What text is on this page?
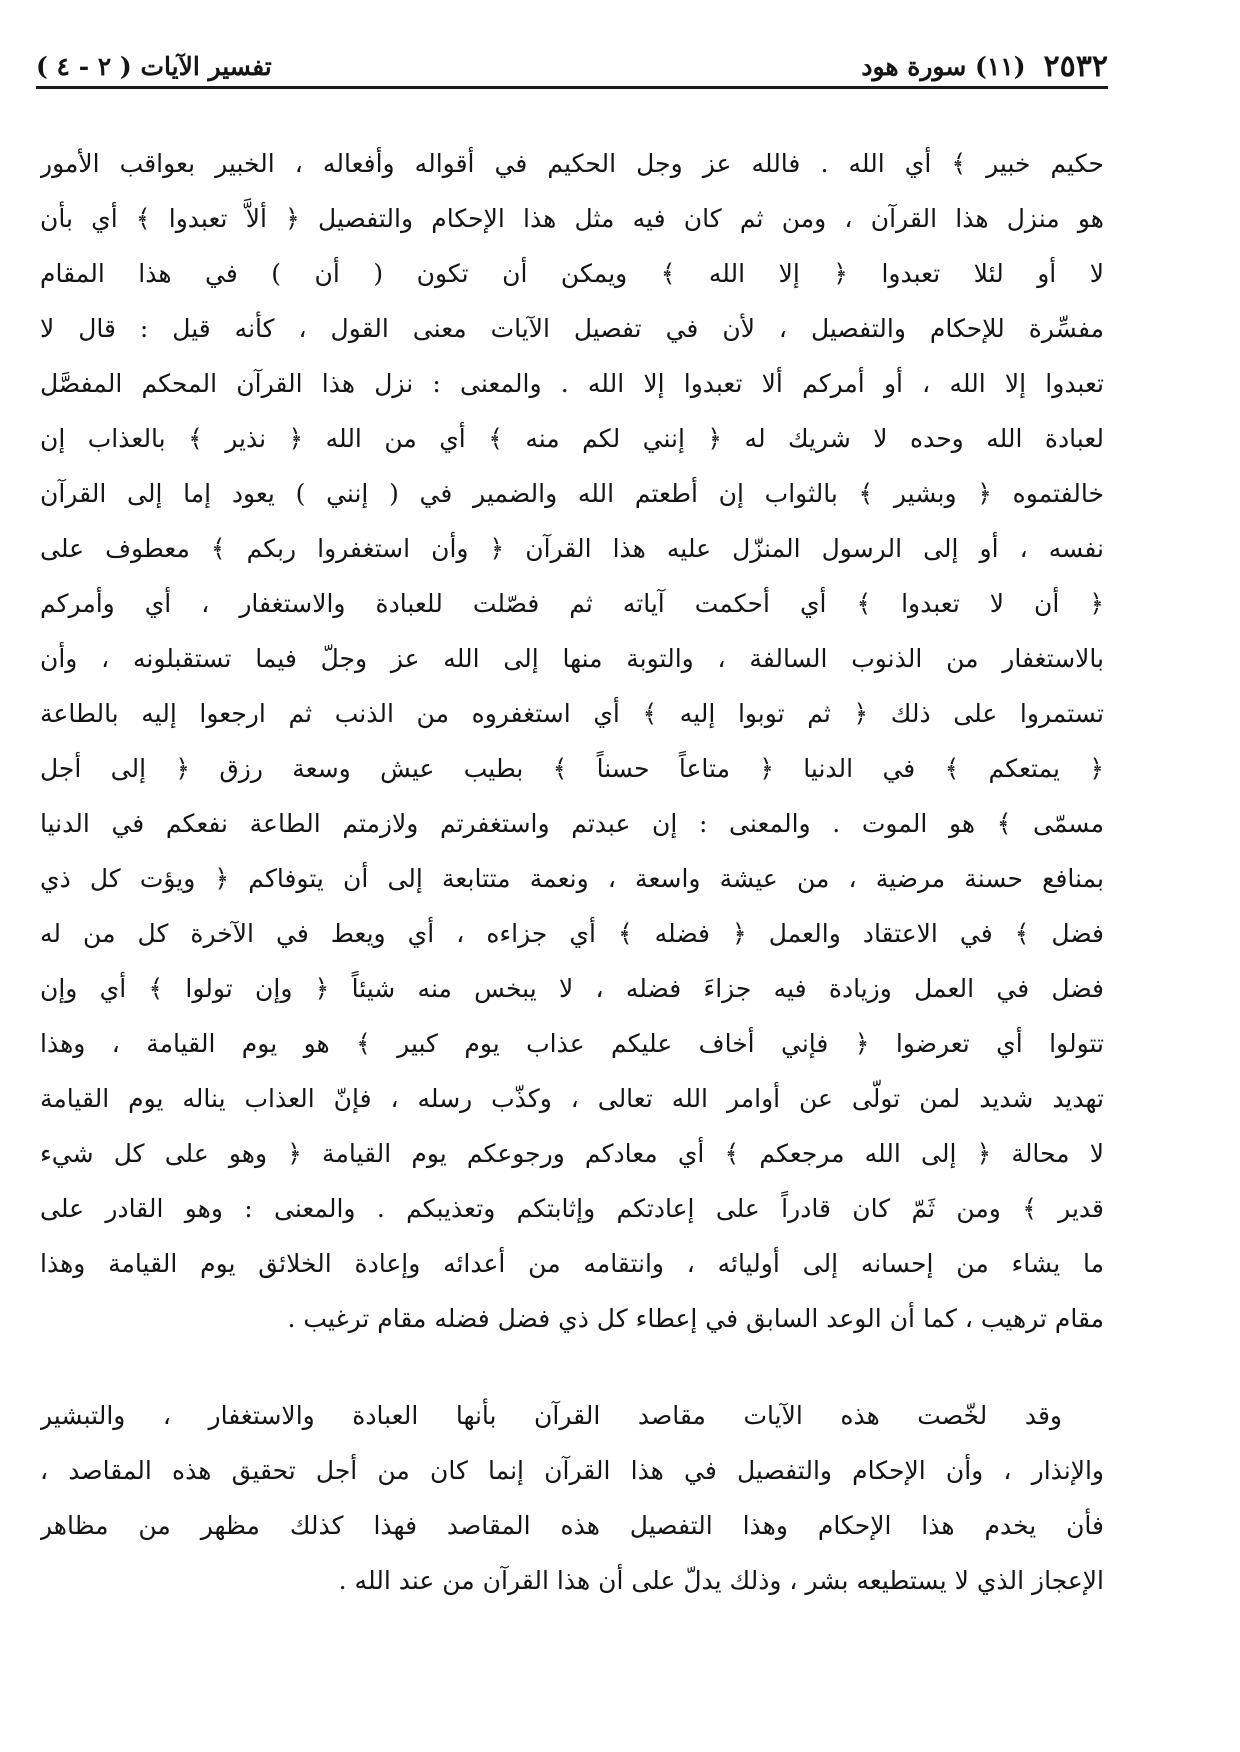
٢٥٣٢
(١١) سورة هود
تفسير الآيات ( ٢ - ٤ )
حكيم خبير ﴾ أي الله . فالله عز وجل الحكيم في أقواله وأفعاله ، الخبير بعواقب الأمور
هو منزل هذا القرآن ، ومن ثم كان فيه مثل هذا الإحكام والتفصيل ﴿ ألاَّ تعبدوا ﴾ أي بأن
لا أو لئلا تعبدوا ﴿ إلا الله ﴾ ويمكن أن تكون ( أن ) في هذا المقام
مفسِّرة للإحكام والتفصيل ، لأن في تفصيل الآيات معنى القول ، كأنه قيل : قال لا
تعبدوا إلا الله ، أو أمركم ألا تعبدوا إلا الله . والمعنى : نزل هذا القرآن المحكم المفصَّل
لعبادة الله وحده لا شريك له ﴿ إنني لكم منه ﴾ أي من الله ﴿ نذير ﴾ بالعذاب إن
خالفتموه ﴿ وبشير ﴾ بالثواب إن أطعتم الله والضمير في ( إنني ) يعود إما إلى القرآن
نفسه ، أو إلى الرسول المنزّل عليه هذا القرآن ﴿ وأن استغفروا ربكم ﴾ معطوف على
﴿ أن لا تعبدوا ﴾ أي أحكمت آياته ثم فصّلت للعبادة والاستغفار ، أي وأمركم
بالاستغفار من الذنوب السالفة ، والتوبة منها إلى الله عز وجلّ فيما تستقبلونه ، وأن
تستمروا على ذلك ﴿ ثم توبوا إليه ﴾ أي استغفروه من الذنب ثم ارجعوا إليه بالطاعة
﴿ يمتعكم ﴾ في الدنيا ﴿ متاعاً حسناً ﴾ بطيب عيش وسعة رزق ﴿ إلى أجل
مسمّى ﴾ هو الموت . والمعنى : إن عبدتم واستغفرتم ولازمتم الطاعة نفعكم في الدنيا
بمنافع حسنة مرضية ، من عيشة واسعة ، ونعمة متتابعة إلى أن يتوفاكم ﴿ ويؤت كل ذي
فضل ﴾ في الاعتقاد والعمل ﴿ فضله ﴾ أي جزاءه ، أي ويعط في الآخرة كل من له
فضل في العمل وزيادة فيه جزاءَ فضله ، لا يبخس منه شيئاً ﴿ وإن تولوا ﴾ أي وإن
تتولوا أي تعرضوا ﴿ فإني أخاف عليكم عذاب يوم كبير ﴾ هو يوم القيامة ، وهذا
تهديد شديد لمن تولّى عن أوامر الله تعالى ، وكذّب رسله ، فإنّ العذاب يناله يوم القيامة
لا محالة ﴿ إلى الله مرجعكم ﴾ أي معادكم ورجوعكم يوم القيامة ﴿ وهو على كل شيء
قدير ﴾ ومن ثَمّ كان قادراً على إعادتكم وإثابتكم وتعذيبكم . والمعنى : وهو القادر على
ما يشاء من إحسانه إلى أوليائه ، وانتقامه من أعدائه وإعادة الخلائق يوم القيامة وهذا
مقام ترهيب ، كما أن الوعد السابق في إعطاء كل ذي فضل فضله مقام ترغيب .
وقد لخّصت هذه الآيات مقاصد القرآن بأنها العبادة والاستغفار ، والتبشير
والإنذار ، وأن الإحكام والتفصيل في هذا القرآن إنما كان من أجل تحقيق هذه المقاصد ،
فأن يخدم هذا الإحكام وهذا التفصيل هذه المقاصد فهذا كذلك مظهر من مظاهر
الإعجاز الذي لا يستطيعه بشر ، وذلك يدلّ على أن هذا القرآن من عند الله .
